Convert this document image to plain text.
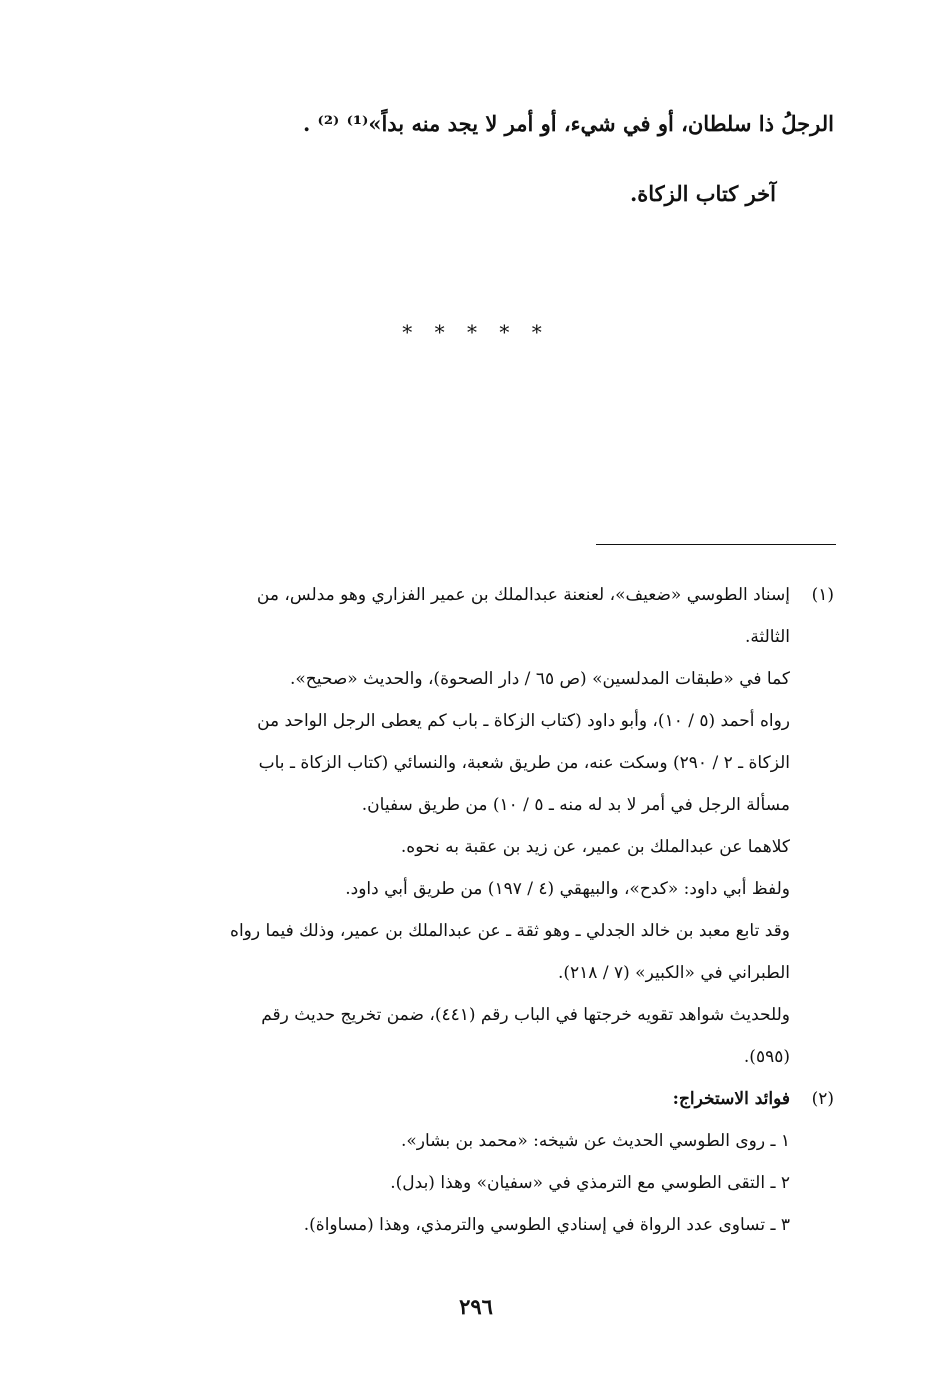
الرجلُ ذا سلطان، أو في شيء، أو أمر لا يجد منه بداً»⁽¹⁾ ⁽²⁾ .
آخر كتاب الزكاة.
* * * * *
(١)إسناد الطوسي «ضعيف»، لعنعنة عبدالملك بن عمير الفزاري وهو مدلس، من
الثالثة.
كما في «طبقات المدلسين» (ص ٦٥ / دار الصحوة)، والحديث «صحيح».
رواه أحمد (٥ / ١٠)، وأبو داود (كتاب الزكاة ـ باب كم يعطى الرجل الواحد من
الزكاة ـ ٢ / ٢٩٠) وسكت عنه، من طريق شعبة، والنسائي (كتاب الزكاة ـ باب
مسألة الرجل في أمر لا بد له منه ـ ٥ / ١٠) من طريق سفيان.
كلاهما عن عبدالملك بن عمير، عن زيد بن عقبة به نحوه.
ولفظ أبي داود: «كدح»، والبيهقي (٤ / ١٩٧) من طريق أبي داود.
وقد تابع معبد بن خالد الجدلي ـ وهو ثقة ـ عن عبدالملك بن عمير، وذلك فيما رواه
الطبراني في «الكبير» (٧ / ٢١٨).
وللحديث شواهد تقويه خرجتها في الباب رقم (٤٤١)، ضمن تخريج حديث رقم
(٥٩٥).
(٢)فوائد الاستخراج:
١ ـ روى الطوسي الحديث عن شيخه: «محمد بن بشار».
٢ ـ التقى الطوسي مع الترمذي في «سفيان» وهذا (بدل).
٣ ـ تساوى عدد الرواة في إسنادي الطوسي والترمذي، وهذا (مساواة).
٢٩٦
